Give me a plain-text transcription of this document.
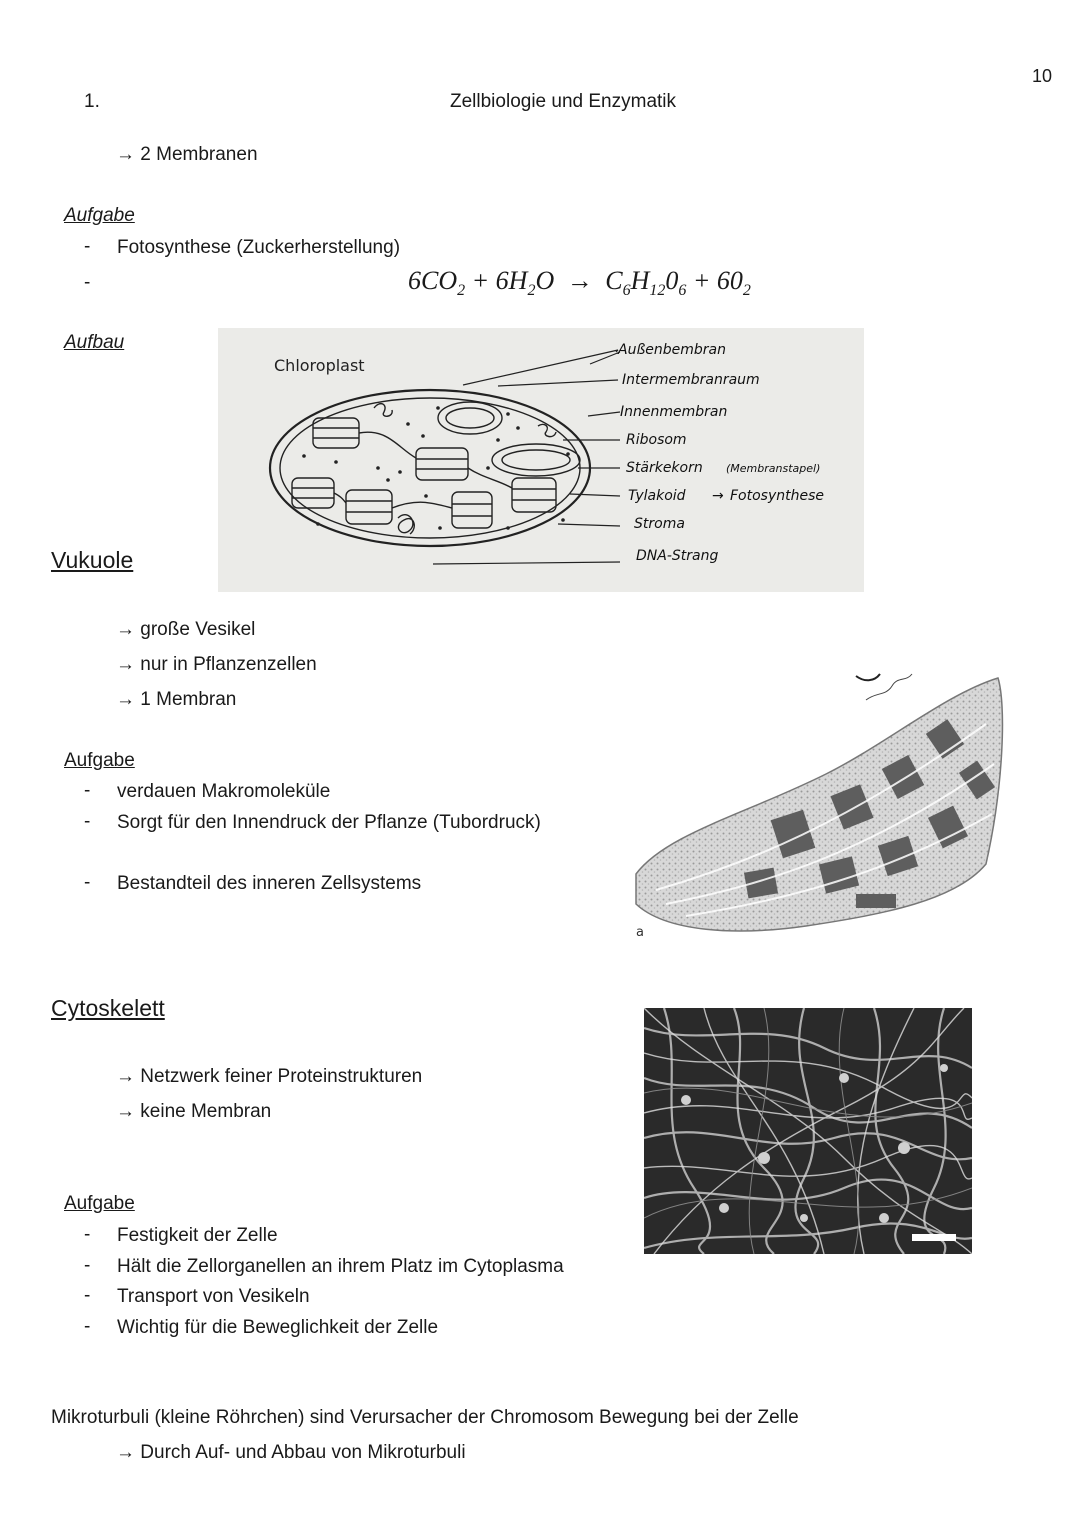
10
1.	Zellbiologie und Enzymatik
→ 2 Membranen
Aufgabe
- Fotosynthese (Zuckerherstellung)
-	$6CO_2 + 6H_2O \to C_6H_{12}0_6 + 60_2$
Aufbau
Chloroplast
Außenbembran
Intermembranraum
Innenmembran
Ribosom
Stärkekorn (Membranstapel)
Tylakoid → Fotosynthese
Stroma
DNA-Strang
Vukuole
→ große Vesikel
→ nur in Pflanzenzellen
→ 1 Membran
Aufgabe
- verdauen Makromoleküle
- Sorgt für den Innendruck der Pflanze (Tubordruck)
- Bestandteil des inneren Zellsystems
a
Cytoskelett
→ Netzwerk feiner Proteinstrukturen
→ keine Membran
Aufgabe
- Festigkeit der Zelle
- Hält die Zellorganellen an ihrem Platz im Cytoplasma
- Transport von Vesikeln
- Wichtig für die Beweglichkeit der Zelle
Mikroturbuli (kleine Röhrchen) sind Verursacher der Chromosom Bewegung bei der Zelle
→ Durch Auf- und Abbau von Mikroturbuli
